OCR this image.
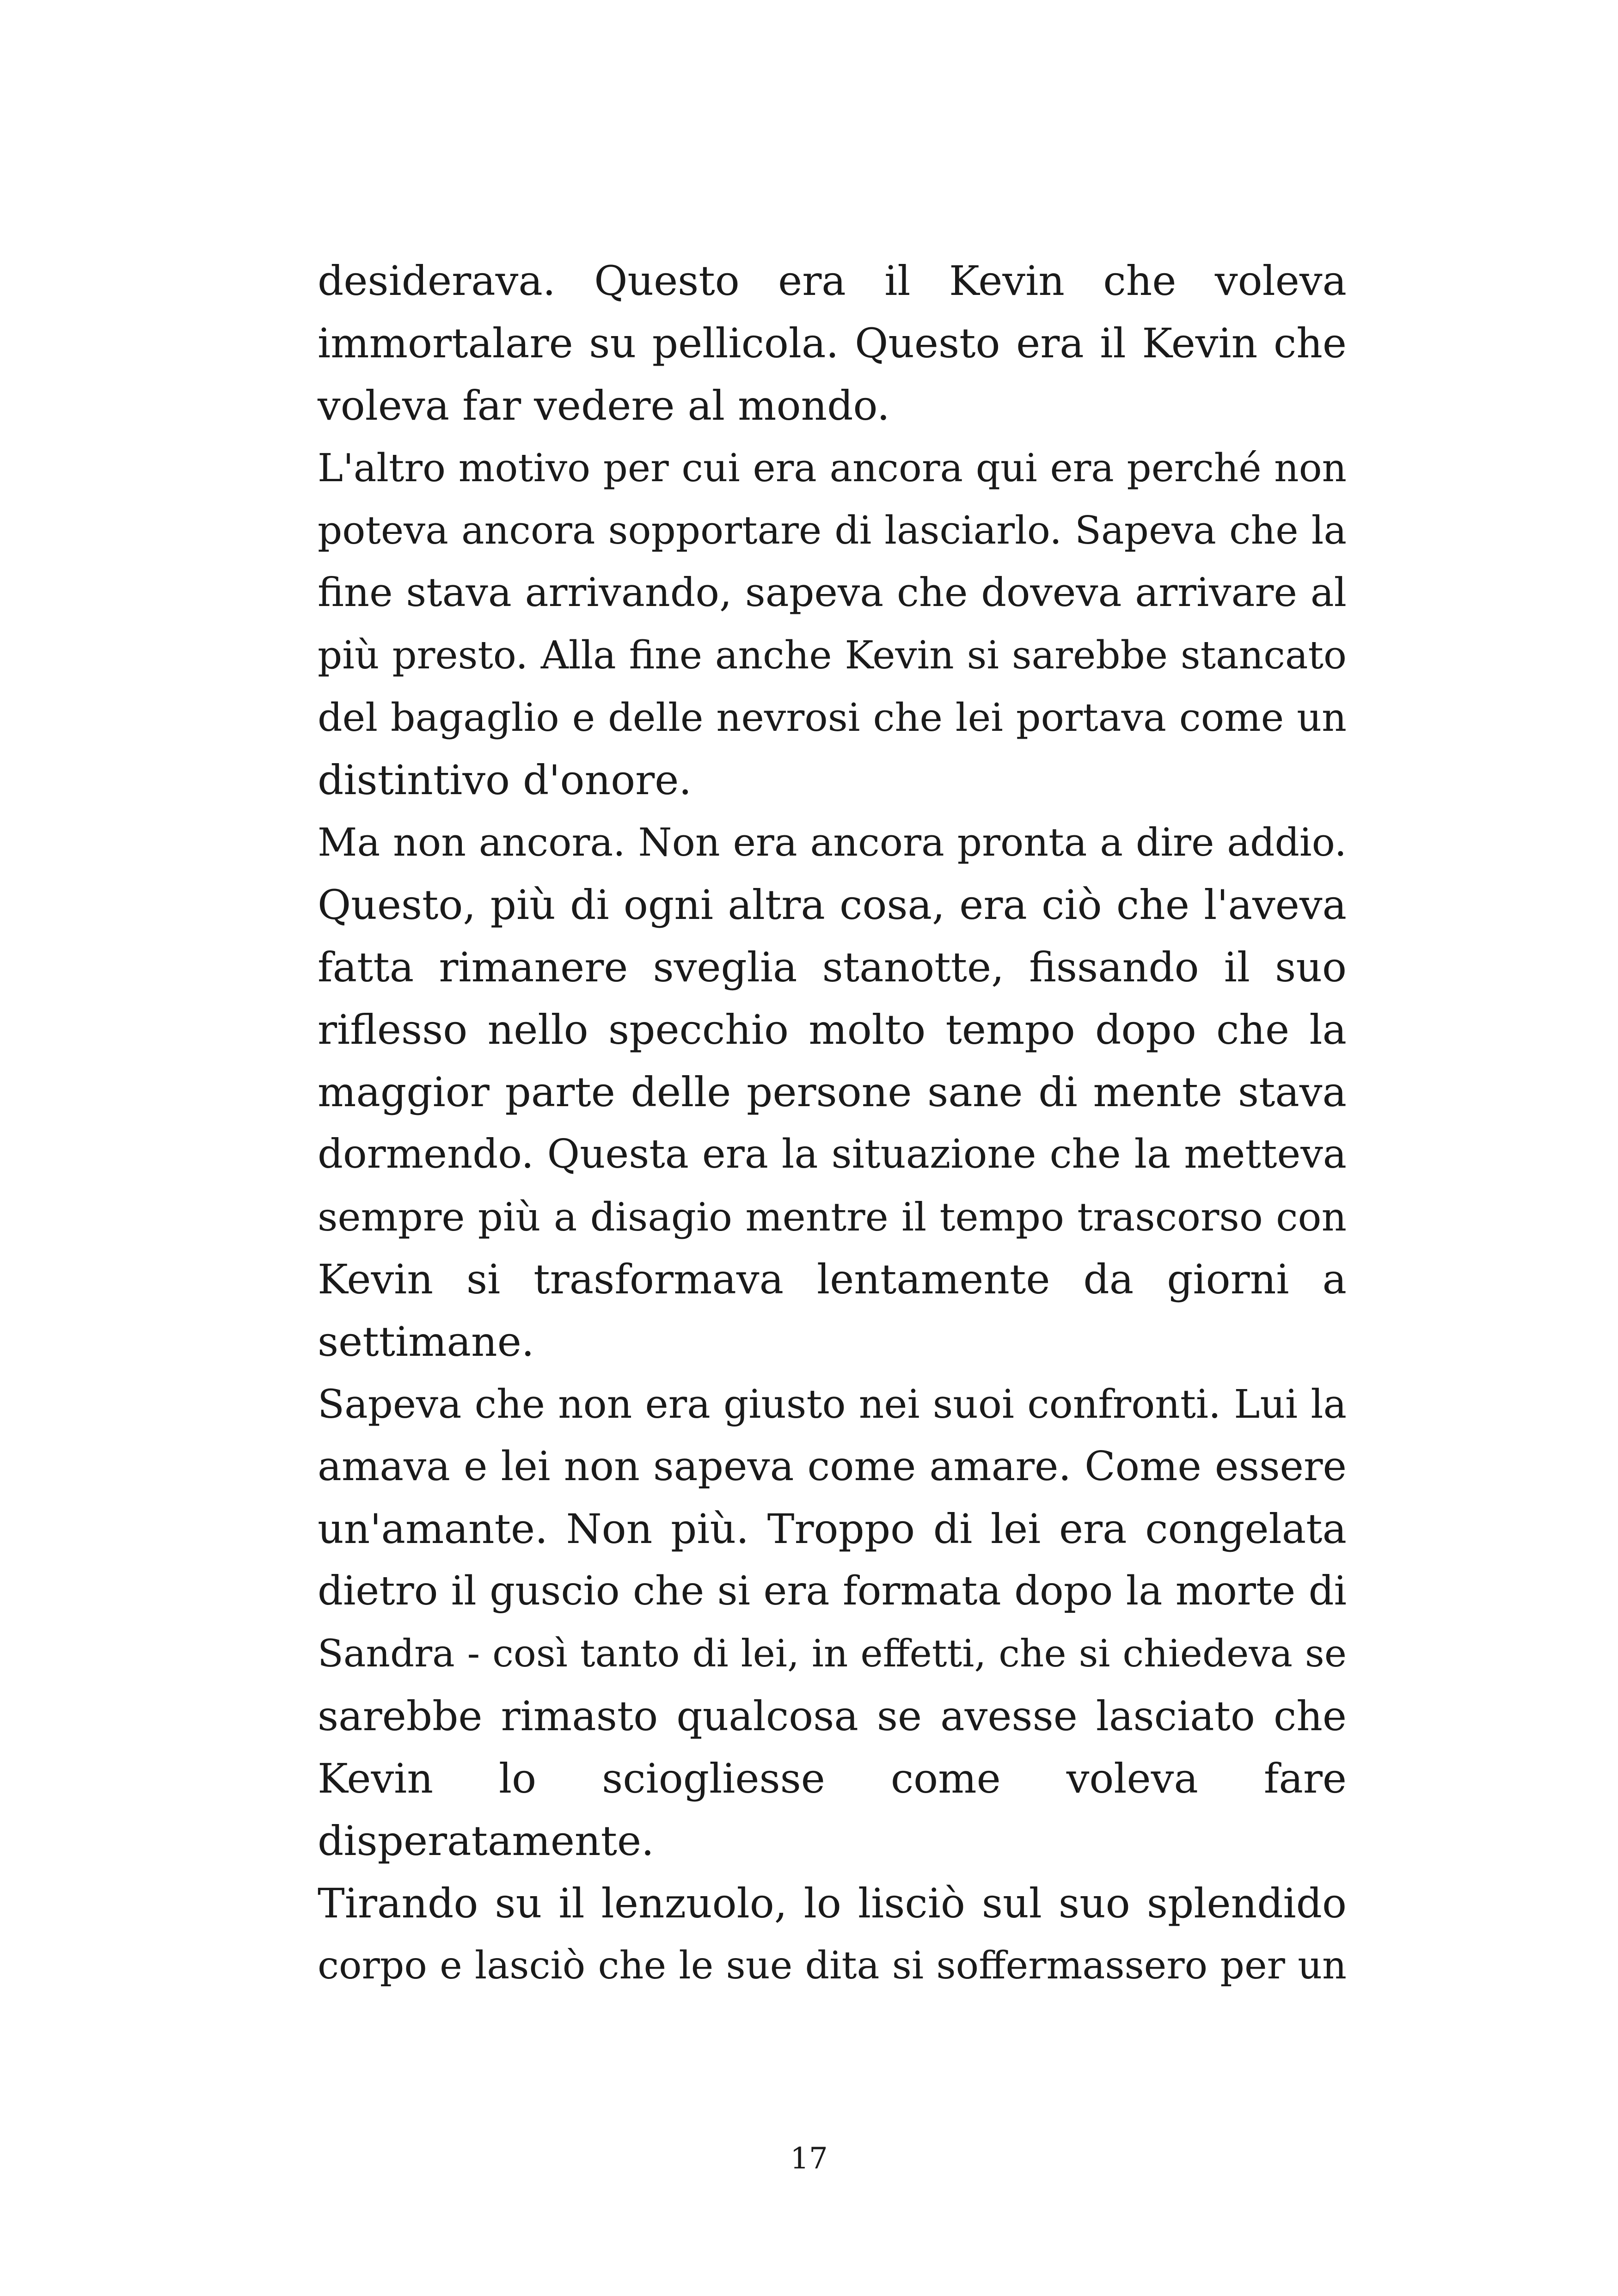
desiderava. Questo era il Kevin che voleva
immortalare su pellicola. Questo era il Kevin che
voleva far vedere al mondo.
L'altro motivo per cui era ancora qui era perché non
poteva ancora sopportare di lasciarlo. Sapeva che la
fine stava arrivando, sapeva che doveva arrivare al
più presto. Alla fine anche Kevin si sarebbe stancato
del bagaglio e delle nevrosi che lei portava come un
distintivo d'onore.
Ma non ancora. Non era ancora pronta a dire addio.
Questo, più di ogni altra cosa, era ciò che l'aveva
fatta rimanere sveglia stanotte, fissando il suo
riflesso nello specchio molto tempo dopo che la
maggior parte delle persone sane di mente stava
dormendo. Questa era la situazione che la metteva
sempre più a disagio mentre il tempo trascorso con
Kevin si trasformava lentamente da giorni a
settimane.
Sapeva che non era giusto nei suoi confronti. Lui la
amava e lei non sapeva come amare. Come essere
un'amante. Non più. Troppo di lei era congelata
dietro il guscio che si era formata dopo la morte di
Sandra - così tanto di lei, in effetti, che si chiedeva se
sarebbe rimasto qualcosa se avesse lasciato che
Kevin lo sciogliesse come voleva fare
disperatamente.
Tirando su il lenzuolo, lo lisciò sul suo splendido
corpo e lasciò che le sue dita si soffermassero per un
17
